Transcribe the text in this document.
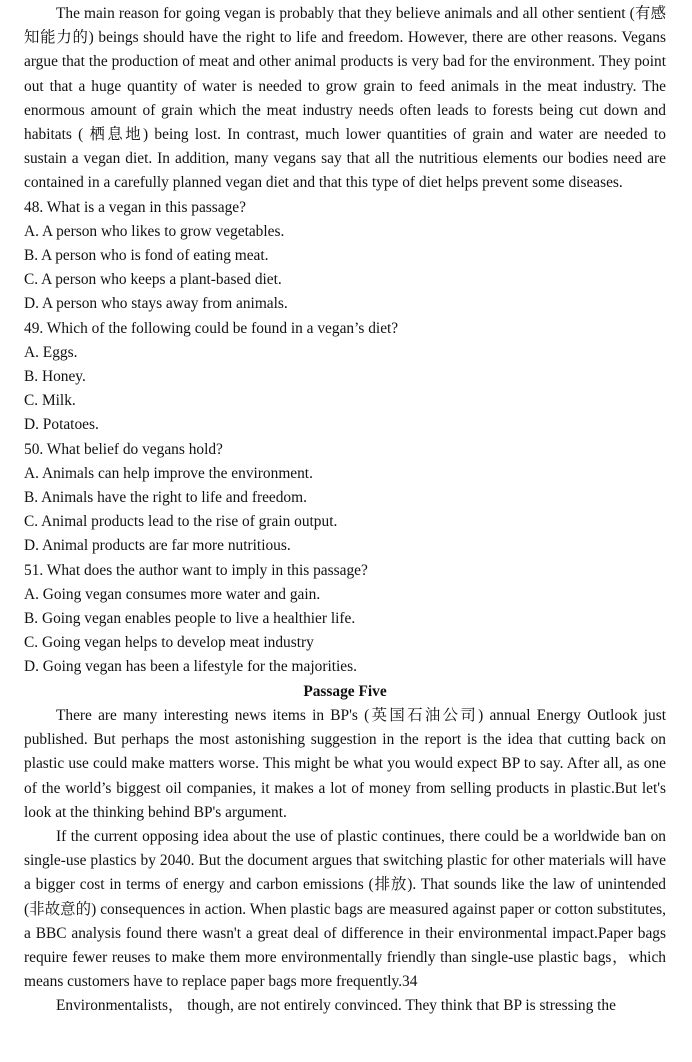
The main reason for going vegan is probably that they believe animals and all other sentient (有感知能力的) beings should have the right to life and freedom. However, there are other reasons. Vegans argue that the production of meat and other animal products is very bad for the environment. They point out that a huge quantity of water is needed to grow grain to feed animals in the meat industry. The enormous amount of grain which the meat industry needs often leads to forests being cut down and habitats ( 栖息地) being lost. In contrast, much lower quantities of grain and water are needed to sustain a vegan diet. In addition, many vegans say that all the nutritious elements our bodies need are contained in a carefully planned vegan diet and that this type of diet helps prevent some diseases.

48. What is a vegan in this passage?

A. A person who likes to grow vegetables.

B. A person who is fond of eating meat.

C. A person who keeps a plant-based diet.

D. A person who stays away from animals.

49. Which of the following could be found in a vegan’s diet?

A. Eggs.

B. Honey.

C. Milk.

D. Potatoes.

50. What belief do vegans hold?

A. Animals can help improve the environment.

B. Animals have the right to life and freedom.

C. Animal products lead to the rise of grain output.

D. Animal products are far more nutritious.

51. What does the author want to imply in this passage?

A. Going vegan consumes more water and gain.

B. Going vegan enables people to live a healthier life.

C. Going vegan helps to develop meat industry

D. Going vegan has been a lifestyle for the majorities.

Passage Five

There are many interesting news items in BP's (英国石油公司) annual Energy Outlook just published. But perhaps the most astonishing suggestion in the report is the idea that cutting back on plastic use could make matters worse. This might be what you would expect BP to say. After all, as one of the world’s biggest oil companies, it makes a lot of money from selling products in plastic.But let's look at the thinking behind BP's argument.

If the current opposing idea about the use of plastic continues, there could be a worldwide ban on single-use plastics by 2040. But the document argues that switching plastic for other materials will have a bigger cost in terms of energy and carbon emissions (排放). That sounds like the law of unintended (非故意的) consequences in action. When plastic bags are measured against paper or cotton substitutes, a BBC analysis found there wasn't a great deal of difference in their environmental impact.Paper bags require fewer reuses to make them more environmentally friendly than single-use plastic bags，which means customers have to replace paper bags more frequently.34

Environmentalists， though, are not entirely convinced. They think that BP is stressing the
